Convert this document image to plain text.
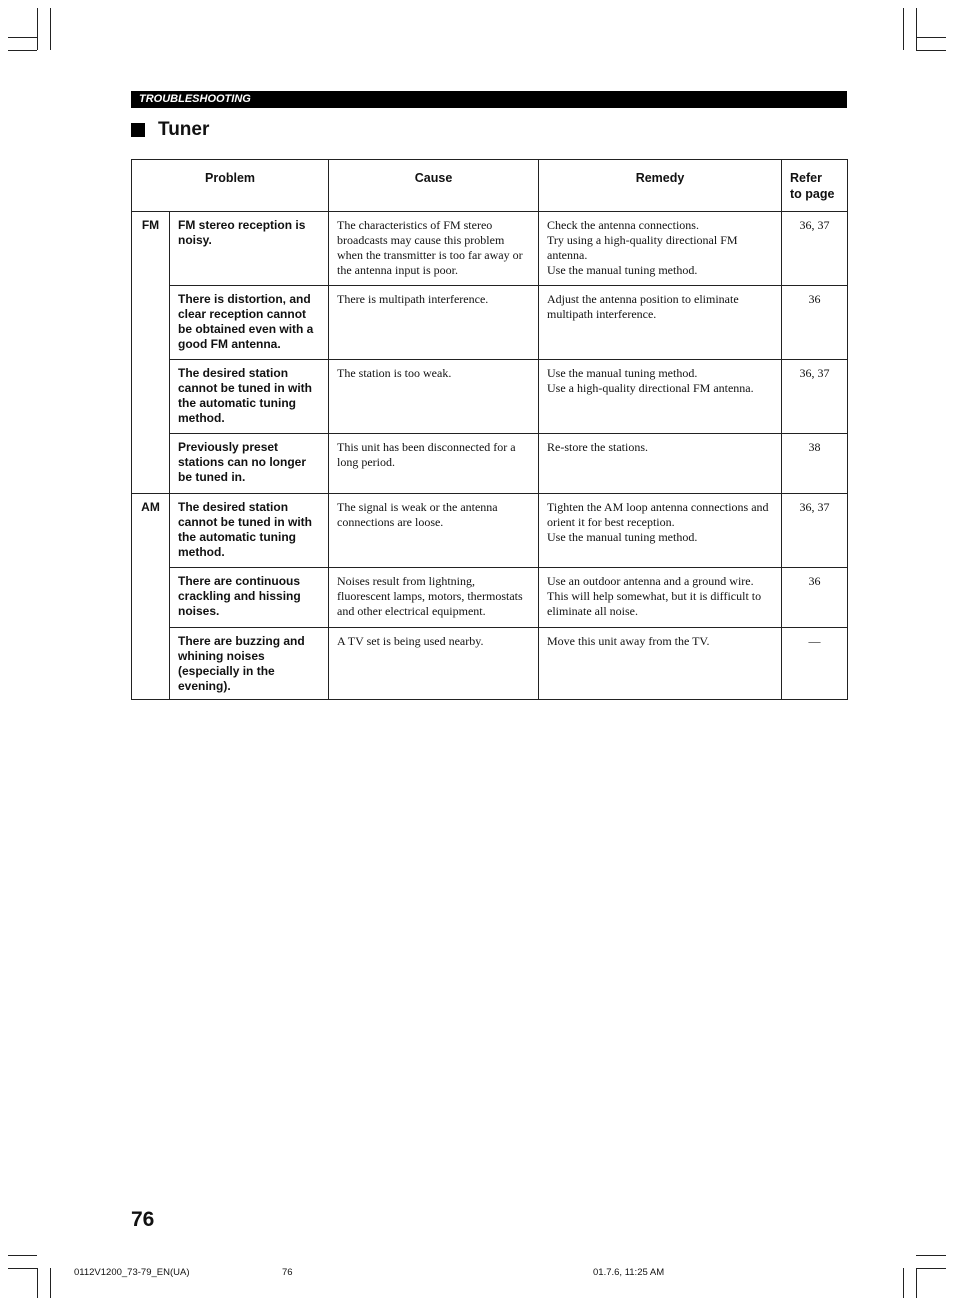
TROUBLESHOOTING
Tuner
Problem		Cause	Remedy	Refer
to page

FM	FM stereo reception is noisy.	The characteristics of FM stereo broadcasts may cause this problem when the transmitter is too far away or the antenna input is poor.	Check the antenna connections.
Try using a high-quality directional FM antenna.
Use the manual tuning method.	36, 37
	There is distortion, and clear reception cannot be obtained even with a good FM antenna.	There is multipath interference.	Adjust the antenna position to eliminate multipath interference.	36
	The desired station cannot be tuned in with the automatic tuning method.	The station is too weak.	Use the manual tuning method.
Use a high-quality directional FM antenna.	36, 37
	Previously preset stations can no longer be tuned in.	This unit has been disconnected for a long period.	Re-store the stations.	38
AM	The desired station cannot be tuned in with the automatic tuning method.	The signal is weak or the antenna connections are loose.	Tighten the AM loop antenna connections and orient it for best reception.
Use the manual tuning method.	36, 37
	There are continuous crackling and hissing noises.	Noises result from lightning, fluorescent lamps, motors, thermostats and other electrical equipment.	Use an outdoor antenna and a ground wire. This will help somewhat, but it is difficult to eliminate all noise.	36
	There are buzzing and whining noises (especially in the evening).	A TV set is being used nearby.	Move this unit away from the TV.	—
76
0112V1200_73-79_EN(UA)	76	01.7.6, 11:25 AM
